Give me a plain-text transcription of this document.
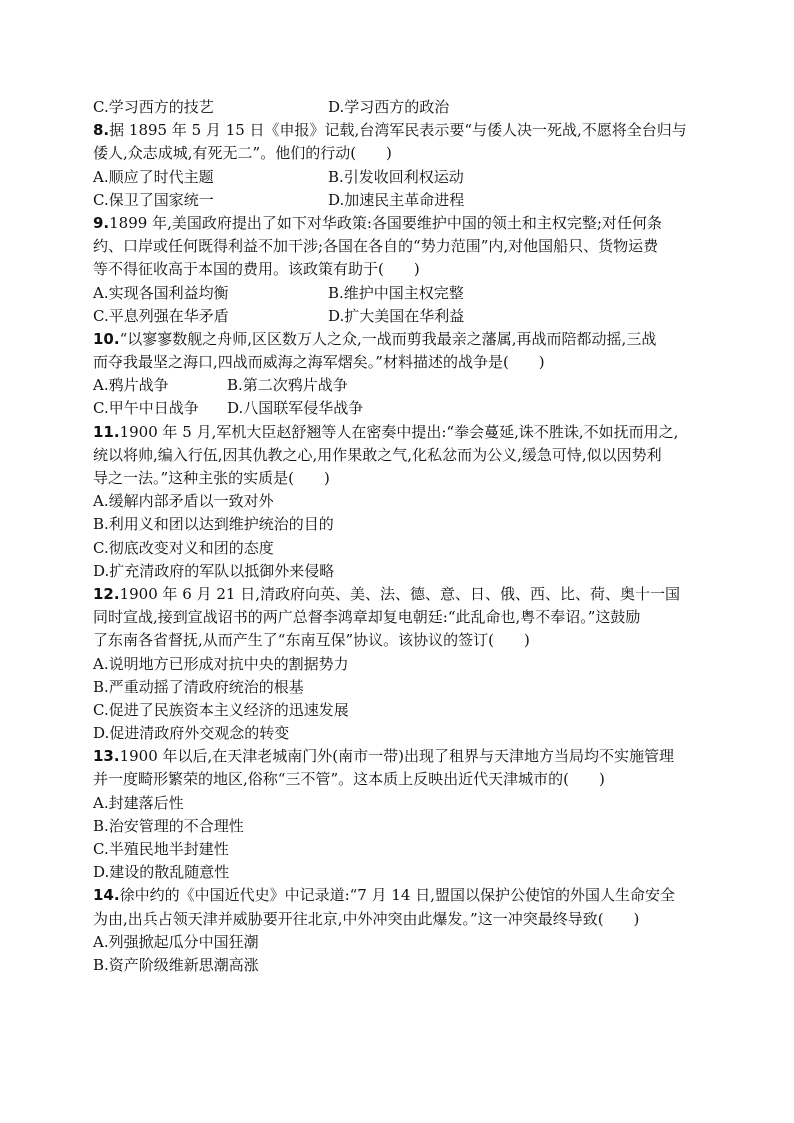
C.学习西方的技艺	D.学习西方的政治
8.据 1895 年 5 月 15 日《申报》记载,台湾军民表示要“与倭人决一死战,不愿将全台归与
倭人,众志成城,有死无二”。他们的行动(　　)
A.顺应了时代主题	B.引发收回利权运动
C.保卫了国家统一	D.加速民主革命进程
9.1899 年,美国政府提出了如下对华政策:各国要维护中国的领土和主权完整;对任何条
约、口岸或任何既得利益不加干涉;各国在各自的“势力范围”内,对他国船只、货物运费
等不得征收高于本国的费用。该政策有助于(　　)
A.实现各国利益均衡	B.维护中国主权完整
C.平息列强在华矛盾	D.扩大美国在华利益
10.“以寥寥数舰之舟师,区区数万人之众,一战而剪我最亲之藩属,再战而陪都动摇,三战
而夺我最坚之海口,四战而威海之海军熠矣。”材料描述的战争是(　　)
A.鸦片战争	B.第二次鸦片战争
C.甲午中日战争	D.八国联军侵华战争
11.1900 年 5 月,军机大臣赵舒翘等人在密奏中提出:“拳会蔓延,诛不胜诛,不如抚而用之,
统以将帅,编入行伍,因其仇教之心,用作果敢之气,化私忿而为公义,缓急可恃,似以因势利
导之一法。”这种主张的实质是(　　)
A.缓解内部矛盾以一致对外
B.利用义和团以达到维护统治的目的
C.彻底改变对义和团的态度
D.扩充清政府的军队以抵御外来侵略
12.1900 年 6 月 21 日,清政府向英、美、法、德、意、日、俄、西、比、荷、奥十一国
同时宣战,接到宣战诏书的两广总督李鸿章却复电朝廷:“此乱命也,粤不奉诏。”这鼓励
了东南各省督抚,从而产生了“东南互保”协议。该协议的签订(　　)
A.说明地方已形成对抗中央的割据势力
B.严重动摇了清政府统治的根基
C.促进了民族资本主义经济的迅速发展
D.促进清政府外交观念的转变
13.1900 年以后,在天津老城南门外(南市一带)出现了租界与天津地方当局均不实施管理
并一度畸形繁荣的地区,俗称“三不管”。这本质上反映出近代天津城市的(　　)
A.封建落后性
B.治安管理的不合理性
C.半殖民地半封建性
D.建设的散乱随意性
14.徐中约的《中国近代史》中记录道:“7 月 14 日,盟国以保护公使馆的外国人生命安全
为由,出兵占领天津并威胁要开往北京,中外冲突由此爆发。”这一冲突最终导致(　　)
A.列强掀起瓜分中国狂潮
B.资产阶级维新思潮高涨
